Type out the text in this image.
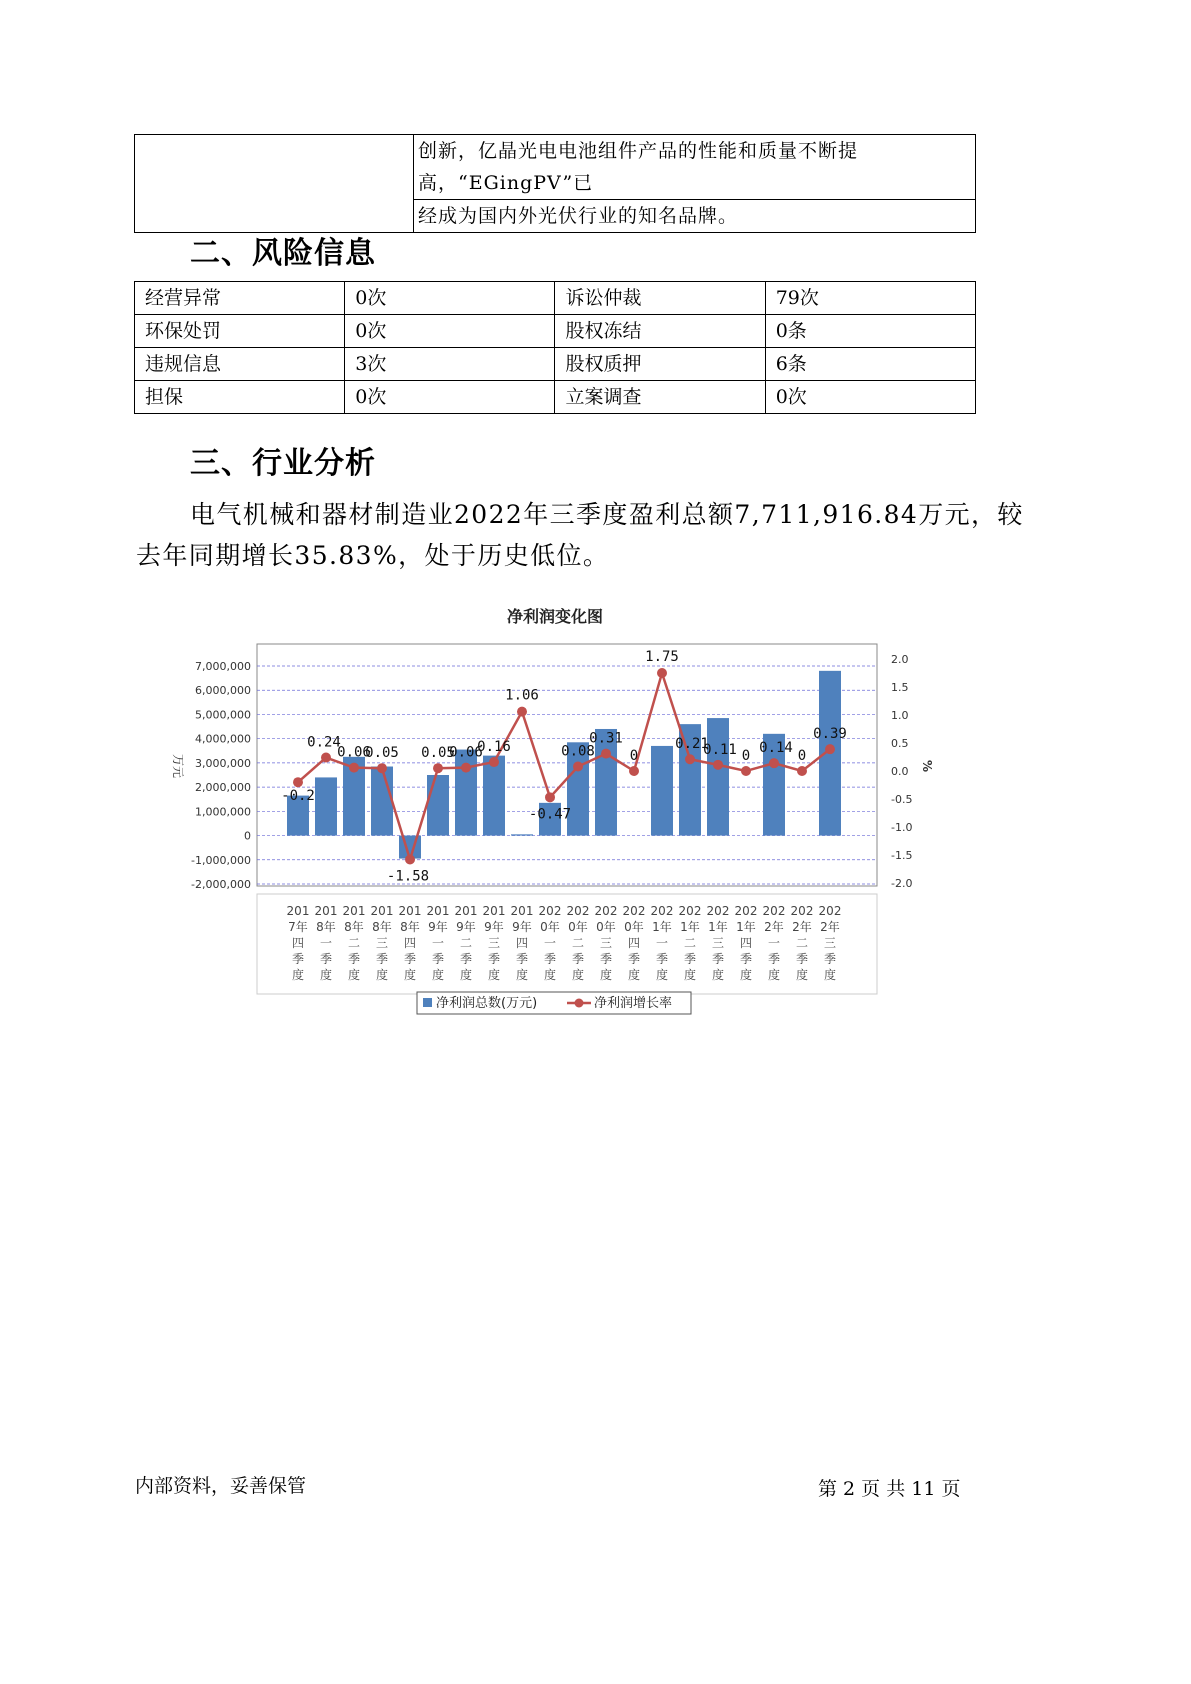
	创新，亿晶光电电池组件产品的性能和质量不断提高，“EGingPV”已
经成为国内外光伏行业的知名品牌。
二、风险信息
经营异常	0次	诉讼仲裁	79次
环保处罚	0次	股权冻结	0条
违规信息	3次	股权质押	6条
担保	0次	立案调查	0次
三、行业分析
电气机械和器材制造业2022年三季度盈利总额7,711,916.84万元，较
去年同期增长35.83%，处于历史低位。
净利润变化图
7,000,000
6,000,000
5,000,000
4,000,000
3,000,000
2,000,000
1,000,000
0
-1,000,000
-2,000,000
2.0
1.5
1.0
0.5
0.0
-0.5
-1.0
-1.5
-2.0
万元	%
201
7年
四
季
度
201
8年
一
季
度
201
8年
二
季
度
201
8年
三
季
度
201
8年
四
季
度
201
9年
一
季
度
201
9年
二
季
度
201
9年
三
季
度
201
9年
四
季
度
202
0年
一
季
度
202
0年
二
季
度
202
0年
三
季
度
202
0年
四
季
度
202
1年
一
季
度
202
1年
二
季
度
202
1年
三
季
度
202
1年
四
季
度
202
2年
一
季
度
202
2年
二
季
度
202
2年
三
季
度
-0.2
0.24
0.06
0.05
-1.58
0.05
0.06
0.16
1.06
-0.47
0.08
0.31
0
1.75
0.21
0.11 0 0.14 0
0.39
净利润总数(万元)	净利润增长率
内部资料，妥善保管	第 2 页 共 11 页
